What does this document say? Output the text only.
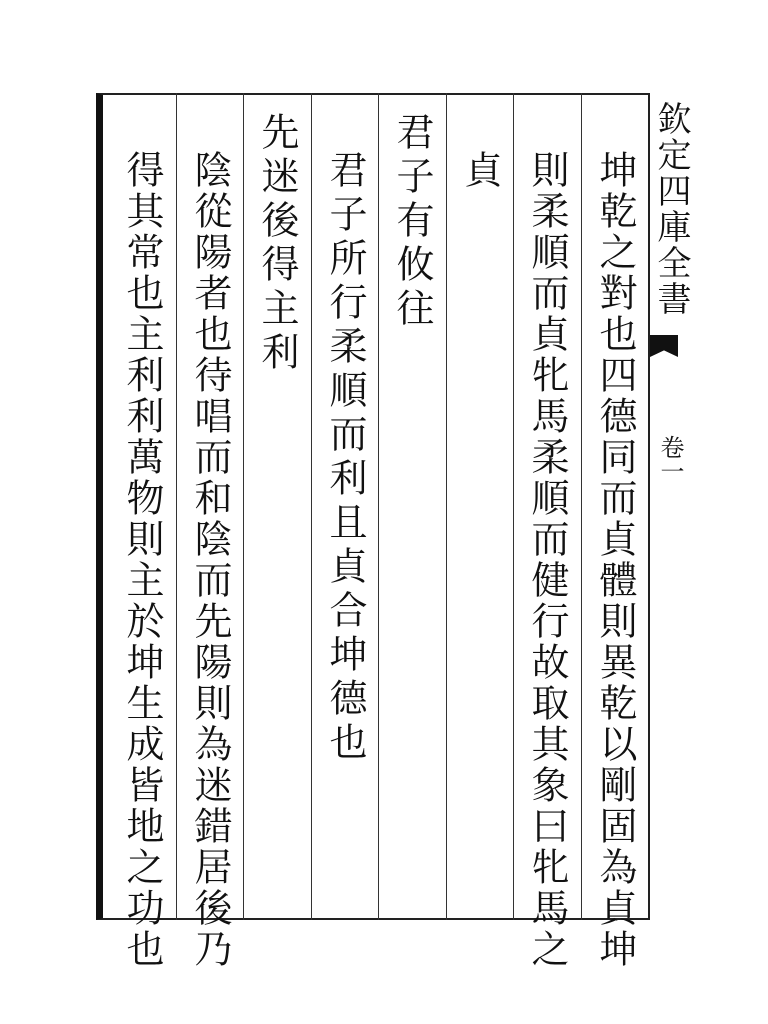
欽定四庫全書
卷一
坤乾之對也四德同而貞體則異乾以剛固為貞坤
則柔順而貞牝馬柔順而健行故取其象曰牝馬之
貞
君子有攸往
君子所行柔順而利且貞合坤德也
先迷後得主利
陰從陽者也待唱而和陰而先陽則為迷錯居後乃
得其常也主利利萬物則主於坤生成皆地之功也
